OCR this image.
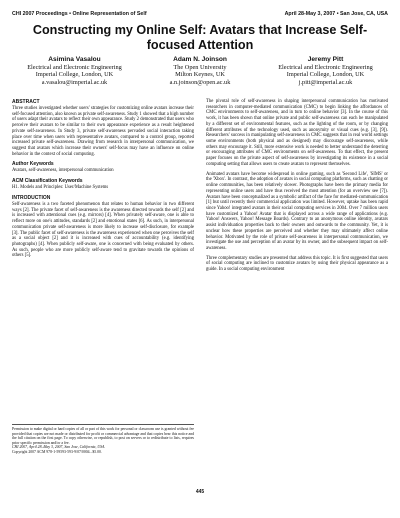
CHI 2007 Proceedings • Online Representation of Self	April 28-May 3, 2007 • San Jose, CA, USA
Constructing my Online Self: Avatars that Increase Self-focused Attention
Asimina Vasalou
Electrical and Electronic Engineering
Imperial College, London, UK
a.vasalou@imperial.ac.uk
Adam N. Joinson
The Open University
Milton Keynes, UK
a.n.joinson@open.ac.uk
Jeremy Pitt
Electrical and Electronic Engineering
Imperial College, London, UK
j.pitt@imperial.ac.uk
ABSTRACT

Three studies investigated whether users' strategies for customizing online avatars increase their self-focused attention, also known as private self-awareness. Study 1 showed that a high number of users adapt their avatars to reflect their own appearance. Study 2 demonstrated that users who perceive their avatars to be similar to their own appearance experience as a result heightened private self-awareness. In Study 3, private self-awareness pervaded social interaction taking place over time when users with representative avatars, compared to a control group, reported increased private self-awareness. Drawing from research in interpersonal communication, we suggest that avatars which increase their owners' self-focus may have an influence on online behavior in the context of social computing.

Author Keywords

Avatars, self-awareness, interpersonal communication

ACM Classification Keywords

H1. Models and Principles: User/Machine Systems

INTRODUCTION

Self-awareness is a two faceted phenomenon that relates to human behavior in two different ways [2]. The private facet of self-awareness is the awareness directed towards the self [2] and is increased with attentional cues (e.g. mirrors) [4]. When privately self-aware, one is able to reflect more on one's attitudes, standards [2] and emotional states [6]. As such, in interpersonal communication private self-awareness is more likely to increase self-disclosure, for example [3]. The public facet of self-awareness is the awareness experienced when one perceives the self as a social object [2] and it is increased with cues of accountability (e.g. identifying photographs) [4]. When publicly self-aware, one is concerned with being evaluated by others. As such, people who are more publicly self-aware tend to gravitate towards the opinions of others [5].

Permission to make digital or hard copies of all or part of this work for personal or classroom use is granted without fee provided that copies are not made or distributed for profit or commercial advantage and that copies bear this notice and the full citation on the first page. To copy otherwise, or republish, to post on servers or to redistribute to lists, requires prior specific permission and/or a fee.
CHI 2007, April 28–May 3, 2007, San Jose, California, USA.
Copyright 2007 ACM 978-1-59593-593-9/07/0004...$5.00.

The pivotal role of self-awareness in shaping interpersonal communication has motivated researchers in computer-mediated communication (CMC) to begin linking the affordances of CMC environments to self-awareness, and in turn to online behavior [3]. In the course of this work, it has been shown that online private and public self-awareness can each be manipulated by a different set of environmental features, such as the lighting of the room, or by changing different attributes of the technology used, such as anonymity or visual cues (e.g. [3], [9]). Researchers' success in manipulating self-awareness in CMC suggests that in real world settings some environments (both physical and as designed) may discourage self-awareness, while others may encourage it. Still, more extensive work is needed to better understand the deterring or encouraging attributes of CMC environments on self-awareness. To that effect, the present paper focuses on the private aspect of self-awareness by investigating its existence in a social computing setting that allows users to create avatars to represent themselves.

Animated avatars have become widespread in online gaming, such as 'Second Life', 'SIMS' or the 'Xbox'. In contrast, the adoption of avatars in social computing platforms, such as chatting or online communities, has been relatively slower. Photographs have been the primary media for representing online users and have thus received the most attention (for an overview see [7]). Avatars have been conceptualized as a symbolic artifact of the face for mediated-communication [1] but until recently their commercial application was limited. However, uptake has been rapid since Yahoo! integrated avatars in their social computing services in 2004. Over 7 million users have customized a Yahoo! Avatar that is displayed across a wide range of applications (e.g. Yahoo! Answers, Yahoo! Message Boards). Contrary to an anonymous online identity, avatars assist individuation properties back to their owners and outwards to the community. Yet, it is unclear how these properties are perceived and whether they may ultimately affect online behavior. Motivated by the role of private self-awareness in interpersonal communication, we investigate the use and perception of an avatar by its owner, and the subsequent impact on self-awareness.

Three complementary studies are presented that address this topic. It is first suggested that users of social computing are inclined to customize avatars by using their physical appearance as a guide. In a social computing environment

445
